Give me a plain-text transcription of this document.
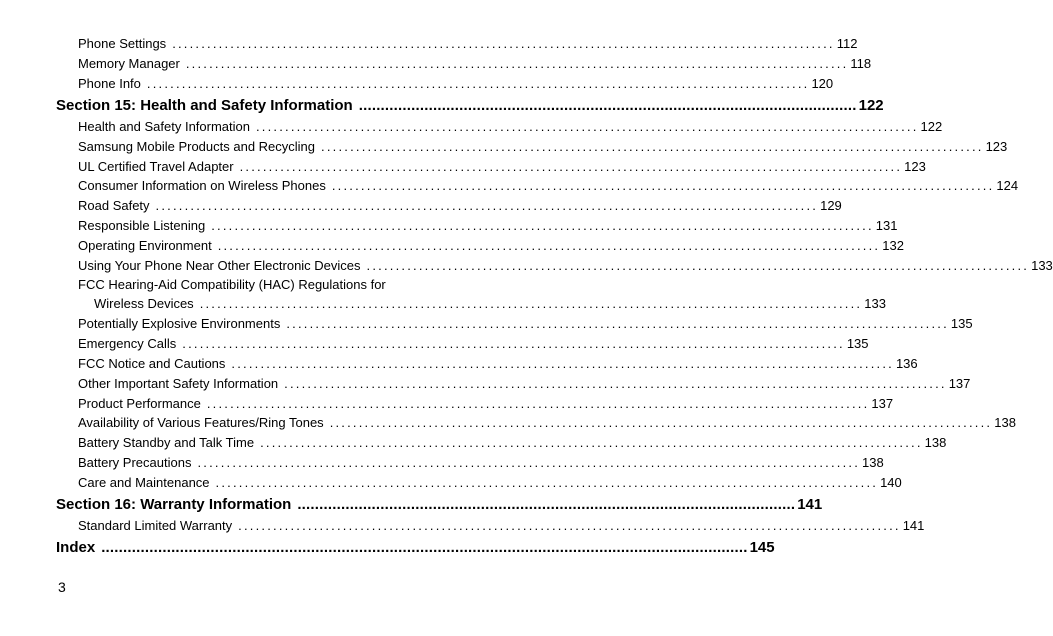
Phone Settings .................................................................................................................. 112
Memory Manager .................................................................................................................. 118
Phone Info .................................................................................................................. 120
Section 15: Health and Safety Information .................................................................................................................. 122
Health and Safety Information .................................................................................................................. 122
Samsung Mobile Products and Recycling .................................................................................................................. 123
UL Certified Travel Adapter .................................................................................................................. 123
Consumer Information on Wireless Phones .................................................................................................................. 124
Road Safety .................................................................................................................. 129
Responsible Listening .................................................................................................................. 131
Operating Environment .................................................................................................................. 132
Using Your Phone Near Other Electronic Devices .................................................................................................................. 133
FCC Hearing-Aid Compatibility (HAC) Regulations for
Wireless Devices .................................................................................................................. 133
Potentially Explosive Environments .................................................................................................................. 135
Emergency Calls .................................................................................................................. 135
FCC Notice and Cautions .................................................................................................................. 136
Other Important Safety Information .................................................................................................................. 137
Product Performance .................................................................................................................. 137
Availability of Various Features/Ring Tones .................................................................................................................. 138
Battery Standby and Talk Time .................................................................................................................. 138
Battery Precautions .................................................................................................................. 138
Care and Maintenance .................................................................................................................. 140
Section 16: Warranty Information .................................................................................................................. 141
Standard Limited Warranty .................................................................................................................. 141
Index .................................................................................................................................................... 145
3
